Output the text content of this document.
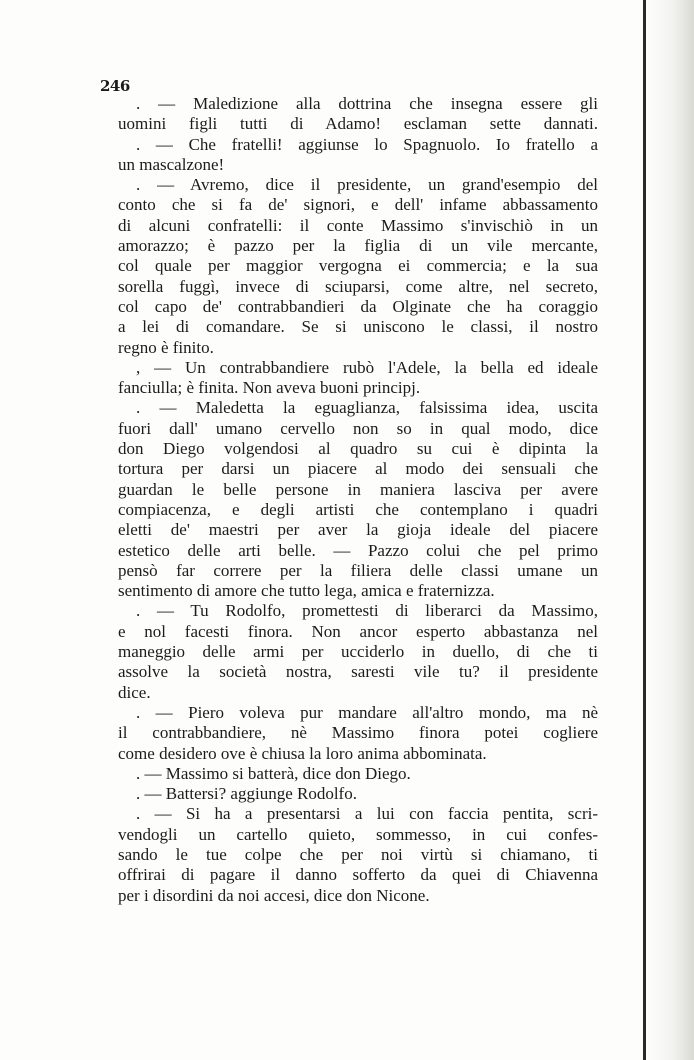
246
. — Maledizione alla dottrina che insegna essere gli
uomini figli tutti di Adamo! esclaman sette dannati.
. — Che fratelli! aggiunse lo Spagnuolo. Io fratello a
un mascalzone!
. — Avremo, dice il presidente, un grand'esempio del
conto che si fa de' signori, e dell' infame abbassamento
di alcuni confratelli: il conte Massimo s'invischiò in un
amorazzo; è pazzo per la figlia di un vile mercante,
col quale per maggior vergogna ei commercia; e la sua
sorella fuggì, invece di sciuparsi, come altre, nel secreto,
col capo de' contrabbandieri da Olginate che ha coraggio
a lei di comandare. Se si uniscono le classi, il nostro
regno è finito.
, — Un contrabbandiere rubò l'Adele, la bella ed ideale
fanciulla; è finita. Non aveva buoni principj.
. — Maledetta la eguaglianza, falsissima idea, uscita
fuori dall' umano cervello non so in qual modo, dice
don Diego volgendosi al quadro su cui è dipinta la
tortura per darsi un piacere al modo dei sensuali che
guardan le belle persone in maniera lasciva per avere
compiacenza, e degli artisti che contemplano i quadri
eletti de' maestri per aver la gioja ideale del piacere
estetico delle arti belle. — Pazzo colui che pel primo
pensò far correre per la filiera delle classi umane un
sentimento di amore che tutto lega, amica e fraternizza.
. — Tu Rodolfo, promettesti di liberarci da Massimo,
e nol facesti finora. Non ancor esperto abbastanza nel
maneggio delle armi per ucciderlo in duello, di che ti
assolve la società nostra, saresti vile tu? il presidente
dice.
. — Piero voleva pur mandare all'altro mondo, ma nè
il contrabbandiere, nè Massimo finora potei cogliere
come desidero ove è chiusa la loro anima abbominata.
. — Massimo si batterà, dice don Diego.
. — Battersi? aggiunge Rodolfo.
. — Si ha a presentarsi a lui con faccia pentita, scri-
vendogli un cartello quieto, sommesso, in cui confes-
sando le tue colpe che per noi virtù si chiamano, ti
offrirai di pagare il danno sofferto da quei di Chiavenna
per i disordini da noi accesi, dice don Nicone.
